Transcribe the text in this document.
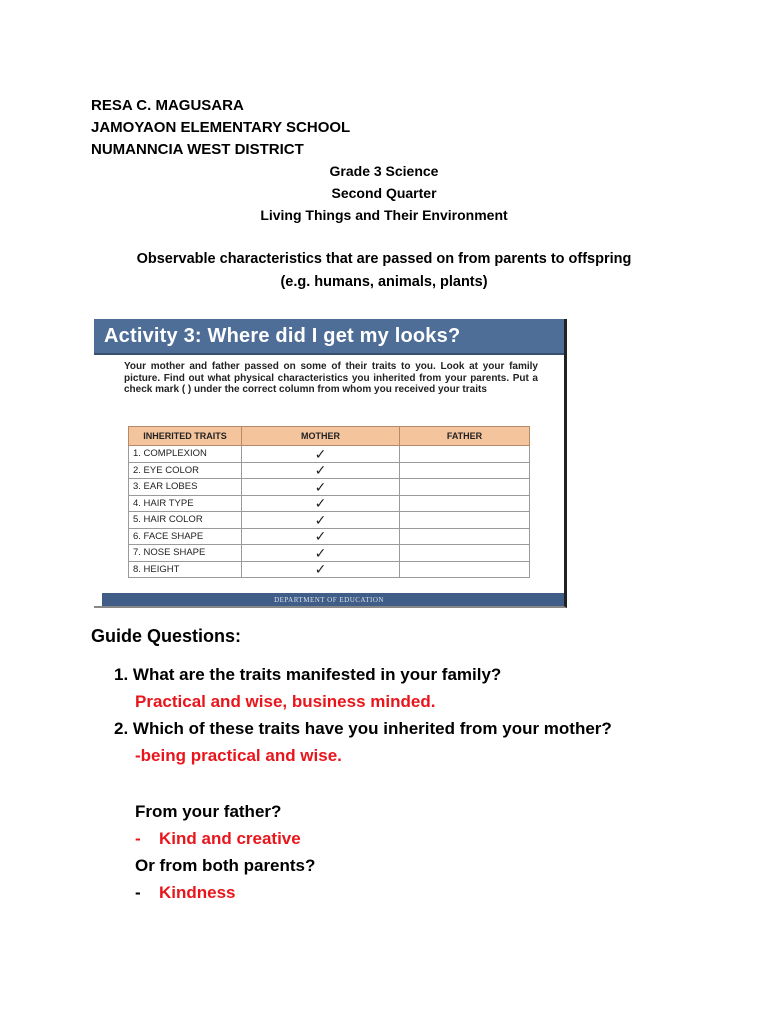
RESA C. MAGUSARA
JAMOYAON ELEMENTARY SCHOOL
NUMANNCIA WEST DISTRICT
Grade 3 Science
Second Quarter
Living Things and Their Environment
Observable characteristics that are passed on from parents to offspring
(e.g. humans, animals, plants)
Activity 3: Where did I get my looks?
Your mother and father passed on some of their traits to you. Look at your family picture. Find out what physical characteristics you inherited from your parents. Put a check mark ( ) under the correct column from whom you received your traits
INHERITED TRAITS	MOTHER	FATHER
1. COMPLEXION	✓	
2. EYE COLOR	✓	
3. EAR LOBES	✓	
4. HAIR TYPE	✓	
5. HAIR COLOR	✓	
6. FACE SHAPE	✓	
7. NOSE SHAPE	✓	
8. HEIGHT	✓	
DEPARTMENT OF EDUCATION
Guide Questions:
1. What are the traits manifested in your family?
Practical and wise, business minded.
2. Which of these traits have you inherited from your mother?
-being practical and wise.
From your father?
- Kind and creative
Or from both parents?
- Kindness
